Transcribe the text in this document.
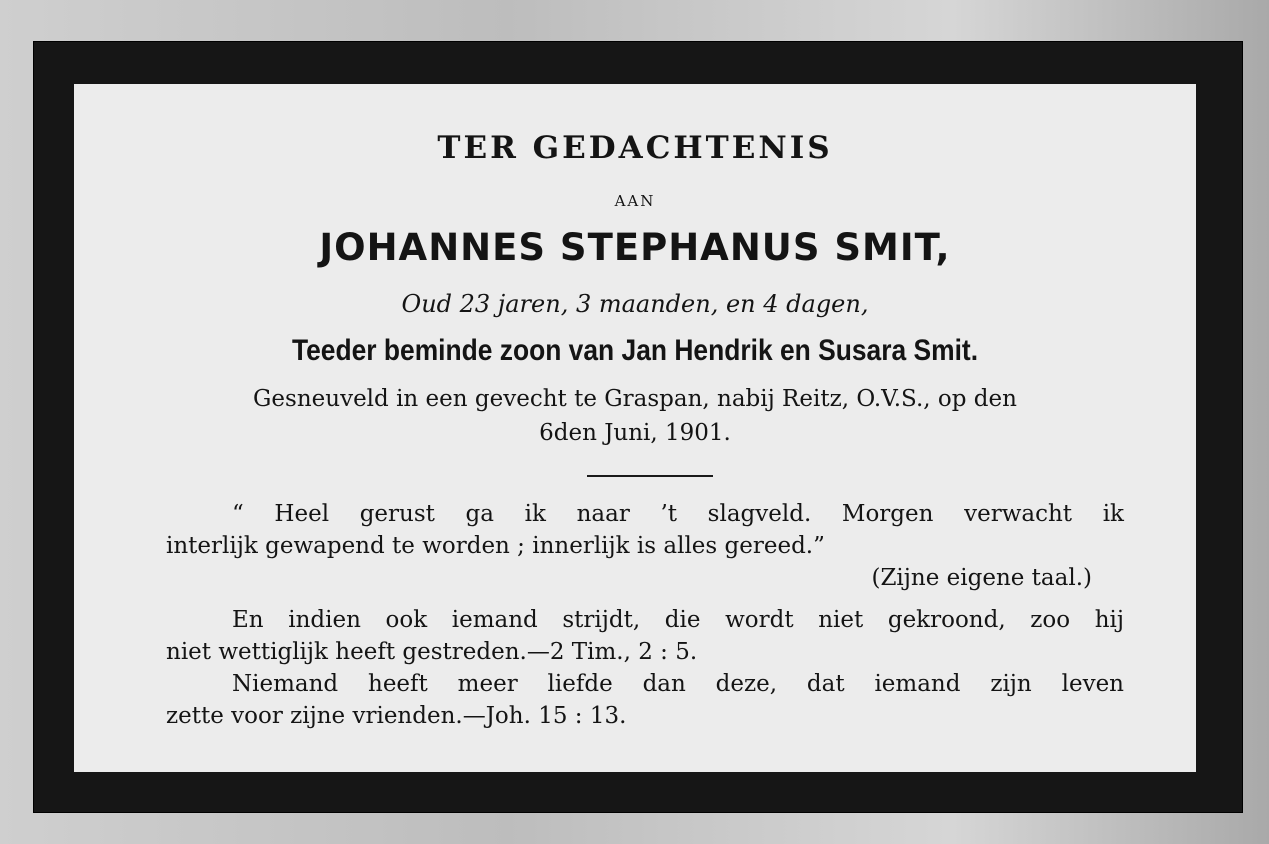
TER GEDACHTENIS

AAN

JOHANNES STEPHANUS SMIT,

Oud 23 jaren, 3 maanden, en 4 dagen,

Teeder beminde zoon van Jan Hendrik en Susara Smit.

Gesneuveld in een gevecht te Graspan, nabij Reitz, O.V.S., op den

6den Juni, 1901.

“ Heel gerust ga ik naar ’t slagveld. Morgen verwacht ik
interlijk gewapend te worden ; innerlijk is alles gereed.”

(Zijne eigene taal.)

En indien ook iemand strijdt, die wordt niet gekroond, zoo hij
niet wettiglijk heeft gestreden.—2 Tim., 2 : 5.

Niemand heeft meer liefde dan deze, dat iemand zijn leven
zette voor zijne vrienden.—Joh. 15 : 13.
